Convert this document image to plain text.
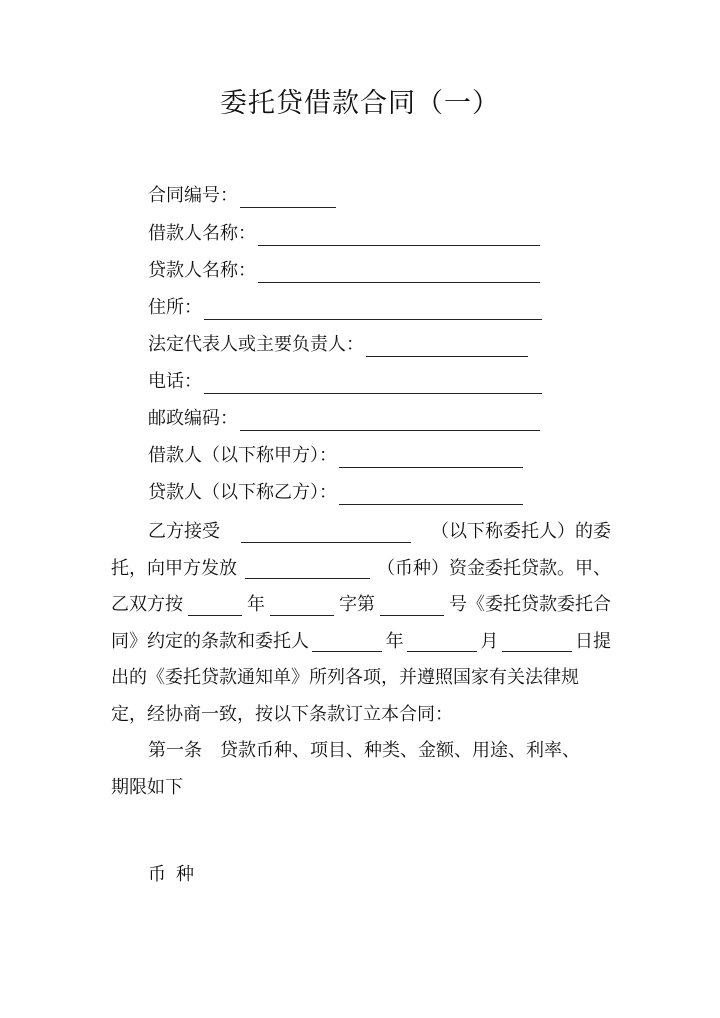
委托贷借款合同（一）
合同编号：
借款人名称：
贷款人名称：
住所：
法定代表人或主要负责人：
电话：
邮政编码：
借款人（以下称甲方）：
贷款人（以下称乙方）：
乙方接受	（以下称委托人）的委
托，向甲方发放	（币种）资金委托贷款。甲、
乙双方按	年	字第	号《委托贷款委托合
同》约定的条款和委托人	年	月	日提
出的《委托贷款通知单》所列各项，并遵照国家有关法律规
定，经协商一致，按以下条款订立本合同：
第一条　贷款币种、项目、种类、金额、用途、利率、
期限如下
币种
